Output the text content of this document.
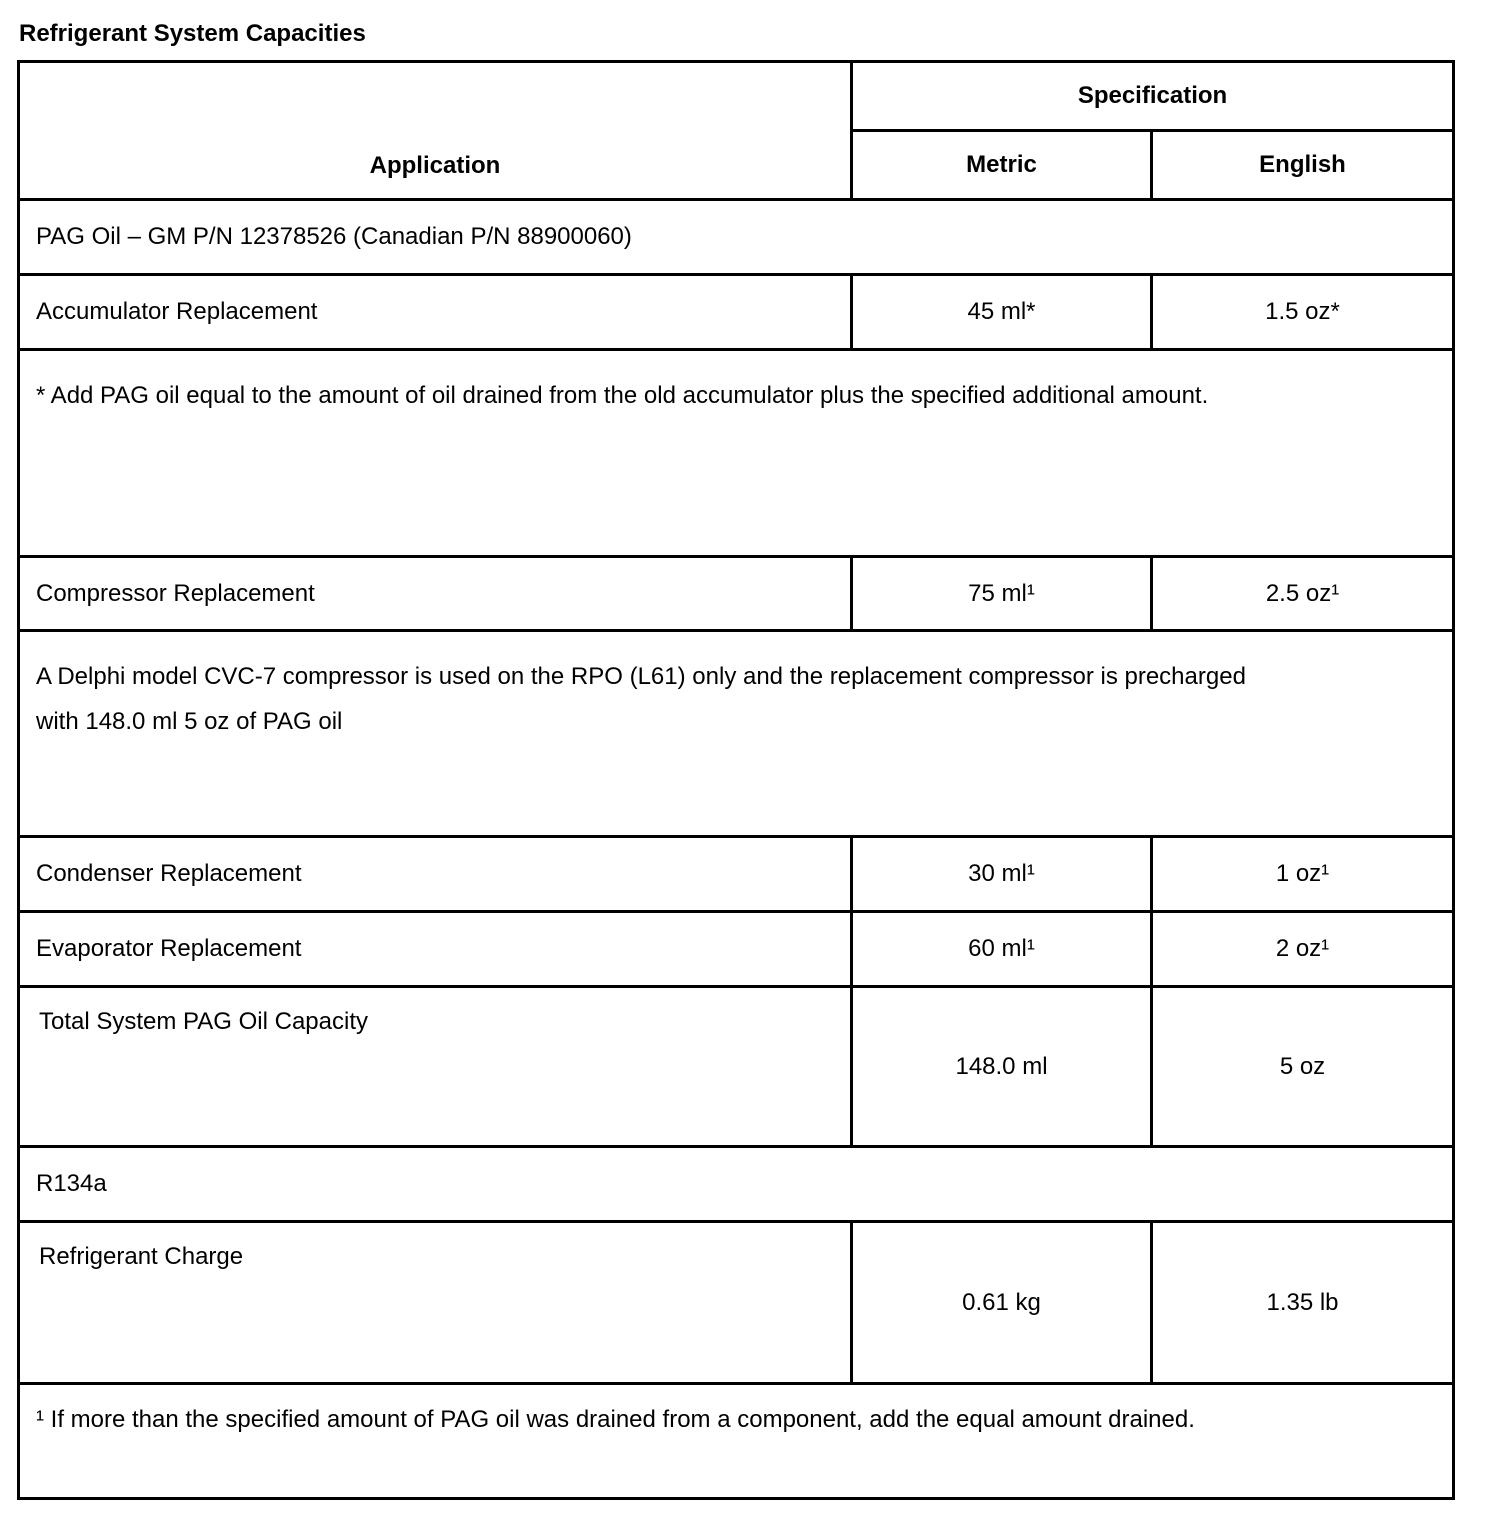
Refrigerant System Capacities
Application	Specification	
	Metric	English
PAG Oil – GM P/N 12378526 (Canadian P/N 88900060)		
Accumulator Replacement	45 ml*	1.5 oz*
* Add PAG oil equal to the amount of oil drained from the old accumulator plus the specified additional amount.		
Compressor Replacement	75 ml¹	2.5 oz¹
A Delphi model CVC-7 compressor is used on the RPO (L61) only and the replacement compressor is precharged with 148.0 ml 5 oz of PAG oil		
Condenser Replacement	30 ml¹	1 oz¹
Evaporator Replacement	60 ml¹	2 oz¹
Total System PAG Oil Capacity	148.0 ml	5 oz
R134a		
Refrigerant Charge	0.61 kg	1.35 lb
¹ If more than the specified amount of PAG oil was drained from a component, add the equal amount drained.		
